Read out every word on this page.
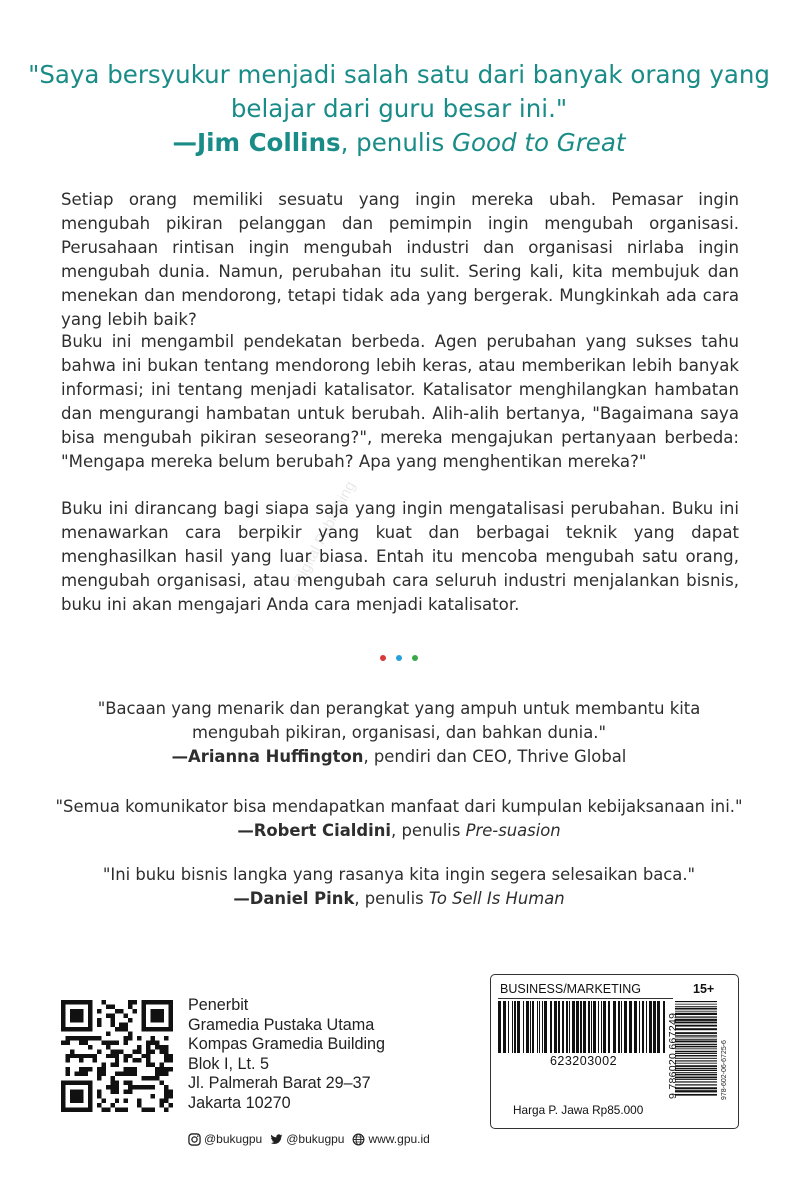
"Saya bersyukur menjadi salah satu dari banyak orang yang
belajar dari guru besar ini."
—Jim Collins, penulis Good to Great
Setiap orang memiliki sesuatu yang ingin mereka ubah. Pemasar ingin mengubah pikiran pelanggan dan pemimpin ingin mengubah organisasi. Perusahaan rintisan ingin mengubah industri dan organisasi nirlaba ingin mengubah dunia. Namun, perubahan itu sulit. Sering kali, kita membujuk dan menekan dan mendorong, tetapi tidak ada yang bergerak. Mungkinkah ada cara yang lebih baik?
Buku ini mengambil pendekatan berbeda. Agen perubahan yang sukses tahu bahwa ini bukan tentang mendorong lebih keras, atau memberikan lebih banyak informasi; ini tentang menjadi katalisator. Katalisator menghilangkan hambatan dan mengurangi hambatan untuk berubah. Alih-alih bertanya, "Bagaimana saya bisa mengubah pikiran seseorang?", mereka mengajukan pertanyaan berbeda: "Mengapa mereka belum berubah? Apa yang menghentikan mereka?"
Buku ini dirancang bagi siapa saja yang ingin mengatalisasi perubahan. Buku ini menawarkan cara berpikir yang kuat dan berbagai teknik yang dapat menghasilkan hasil yang luar biasa. Entah itu mencoba mengubah satu orang, mengubah organisasi, atau mengubah cara seluruh industri menjalankan bisnis, buku ini akan mengajari Anda cara menjadi katalisator.
Digital Publishing
"Bacaan yang menarik dan perangkat yang ampuh untuk membantu kita
mengubah pikiran, organisasi, dan bahkan dunia."
—Arianna Huffington, pendiri dan CEO, Thrive Global
"Semua komunikator bisa mendapatkan manfaat dari kumpulan kebijaksanaan ini."
—Robert Cialdini, penulis Pre-suasion
"Ini buku bisnis langka yang rasanya kita ingin segera selesaikan baca."
—Daniel Pink, penulis To Sell Is Human
Penerbit
Gramedia Pustaka Utama
Kompas Gramedia Building
Blok I, Lt. 5
Jl. Palmerah Barat 29–37
Jakarta 10270
@bukugpu @bukugpu www.gpu.id
BUSINESS/MARKETING	15+
623203002
Harga P. Jawa Rp85.000
9 786020 667249	978-602-06-6725-6
